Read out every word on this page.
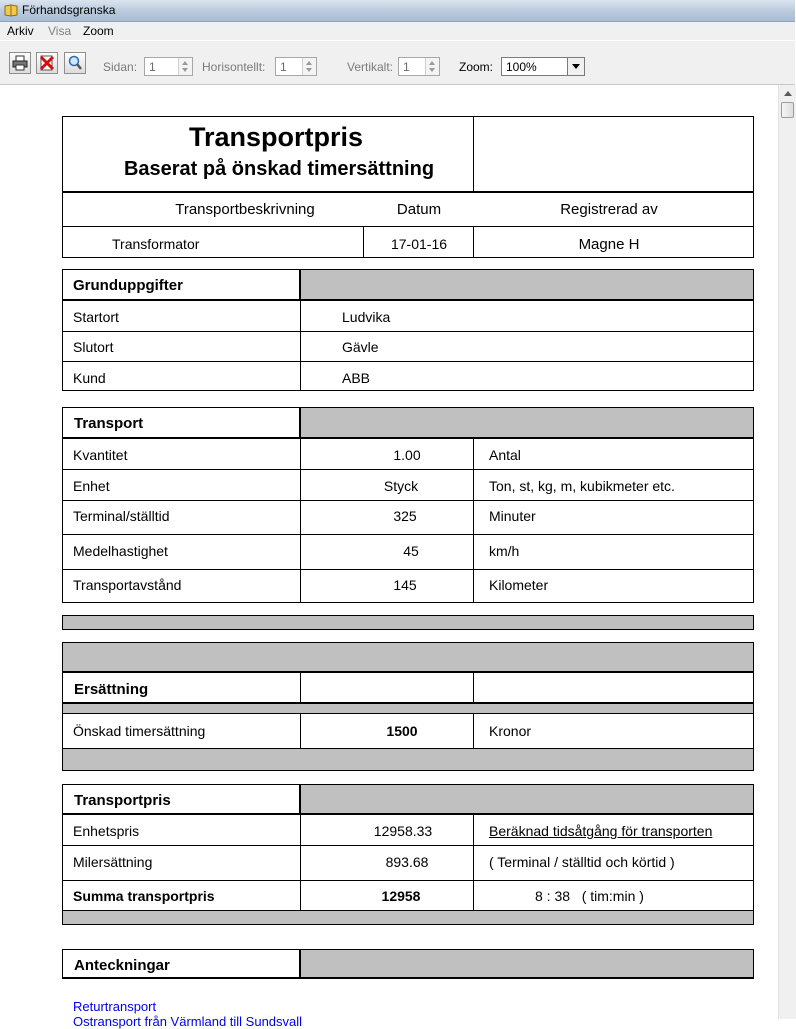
Förhandsgranska
Arkiv Visa Zoom
Sidan: 1	Horisontellt: 1	Vertikalt: 1	Zoom: 100%
Transportpris
Baserat på önskad timersättning
Transportbeskrivning	Datum	Registrerad av
Transformator	17-01-16	Magne H
Grunduppgifter
Startort	Ludvika
Slutort	Gävle
Kund	ABB
Transport
Kvantitet	1.00	Antal
Enhet	Styck	Ton, st, kg, m, kubikmeter etc.
Terminal/ställtid	325	Minuter
Medelhastighet	45	km/h
Transportavstånd	145	Kilometer
Ersättning
Önskad timersättning	1500	Kronor
Transportpris
Enhetspris	12958.33	Beräknad tidsåtgång för transporten
Milersättning	893.68	( Terminal / ställtid och körtid )
Summa transportpris	12958	8 : 38   ( tim:min )
Anteckningar
Returtransport
Ostransport från Värmland till Sundsvall
